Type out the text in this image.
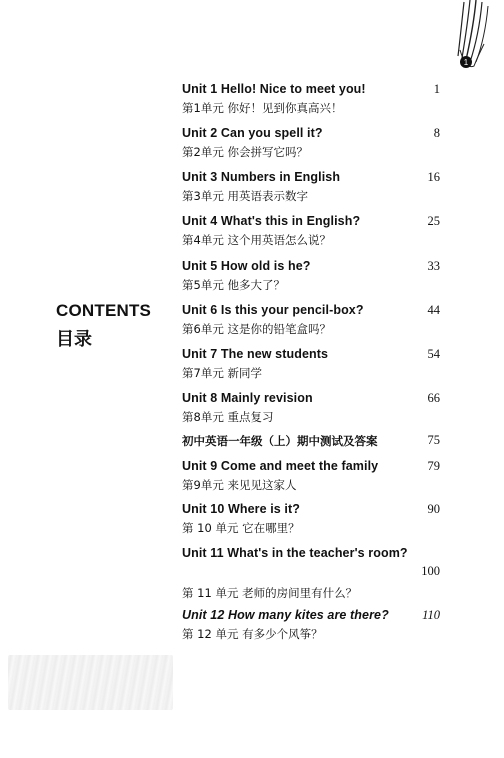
1
CONTENTS
目录
Unit 1 Hello! Nice to meet you!
第1单元 你好！见到你真高兴！
1
Unit 2 Can you spell it?
第2单元 你会拼写它吗？
8
Unit 3 Numbers in English
第3单元 用英语表示数字
16
Unit 4 What's this in English?
第4单元 这个用英语怎么说？
25
Unit 5 How old is he?
第5单元 他多大了？
33
Unit 6 Is this your pencil-box?
第6单元 这是你的铅笔盒吗？
44
Unit 7 The new students
第7单元 新同学
54
Unit 8 Mainly revision
第8单元 重点复习
66
初中英语一年级（上）期中测试及答案	75
Unit 9 Come and meet the family
第9单元 来见见这家人
79
Unit 10 Where is it?
第 10 单元 它在哪里？
90
Unit 11 What's in the teacher's room?
100
第 11 单元 老师的房间里有什么？
Unit 12 How many kites are there?
第 12 单元 有多少个风筝？
110
